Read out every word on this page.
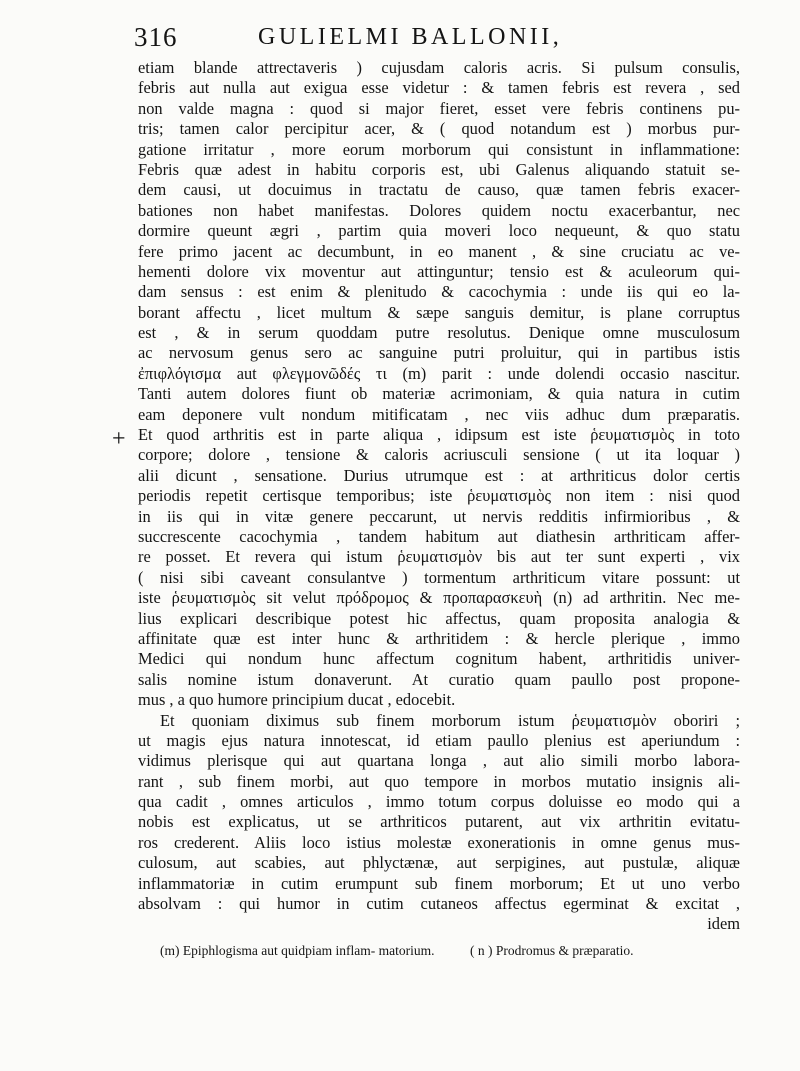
316	GULIELMI BALLONII,
+
etiam blande attrectaveris ) cujusdam caloris acris. Si pulsum consulis,
febris aut nulla aut exigua esse videtur : & tamen febris est revera , sed
non valde magna : quod si major fieret, esset vere febris continens pu-
tris; tamen calor percipitur acer, & ( quod notandum est ) morbus pur-
gatione irritatur , more eorum morborum qui consistunt in inflammatione:
Febris quæ adest in habitu corporis est, ubi Galenus aliquando statuit se-
dem causi, ut docuimus in tractatu de causo, quæ tamen febris exacer-
bationes non habet manifestas. Dolores quidem noctu exacerbantur, nec
dormire queunt ægri , partim quia moveri loco nequeunt, & quo statu
fere primo jacent ac decumbunt, in eo manent , & sine cruciatu ac ve-
hementi dolore vix moventur aut attinguntur; tensio est & aculeorum qui-
dam sensus : est enim & plenitudo & cacochymia : unde iis qui eo la-
borant affectu , licet multum & sæpe sanguis demitur, is plane corruptus
est , & in serum quoddam putre resolutus. Denique omne musculosum
ac nervosum genus sero ac sanguine putri proluitur, qui in partibus istis
ἐπιφλόγισμα aut φλεγμονῶδές τι (m) parit : unde dolendi occasio nascitur.
Tanti autem dolores fiunt ob materiæ acrimoniam, & quia natura in cutim
eam deponere vult nondum mitificatam , nec viis adhuc dum præparatis.
Et quod arthritis est in parte aliqua , idipsum est iste ῥευματισμὸς in toto
corpore; dolore , tensione & caloris acriusculi sensione ( ut ita loquar )
alii dicunt , sensatione. Durius utrumque est : at arthriticus dolor certis
periodis repetit certisque temporibus; iste ῥευματισμὸς non item : nisi quod
in iis qui in vitæ genere peccarunt, ut nervis redditis infirmioribus , &
succrescente cacochymia , tandem habitum aut diathesin arthriticam affer-
re posset. Et revera qui istum ῥευματισμὸν bis aut ter sunt experti , vix
( nisi sibi caveant consulantve ) tormentum arthriticum vitare possunt: ut
iste ῥευματισμὸς sit velut πρόδρομος & προπαρασκευὴ (n) ad arthritin. Nec me-
lius explicari describique potest hic affectus, quam proposita analogia &
affinitate quæ est inter hunc & arthritidem : & hercle plerique , immo
Medici qui nondum hunc affectum cognitum habent, arthritidis univer-
salis nomine istum donaverunt. At curatio quam paullo post propone-
mus , a quo humore principium ducat , edocebit.
Et quoniam diximus sub finem morborum istum ῥευματισμὸν oboriri ;
ut magis ejus natura innotescat, id etiam paullo plenius est aperiundum :
vidimus plerisque qui aut quartana longa , aut alio simili morbo labora-
rant , sub finem morbi, aut quo tempore in morbos mutatio insignis ali-
qua cadit , omnes articulos , immo totum corpus doluisse eo modo qui a
nobis est explicatus, ut se arthriticos putarent, aut vix arthritin evitatu-
ros crederent. Aliis loco istius molestæ exonerationis in omne genus mus-
culosum, aut scabies, aut phlyctænæ, aut serpigines, aut pustulæ, aliquæ
inflammatoriæ in cutim erumpunt sub finem morborum; Et ut uno verbo
absolvam : qui humor in cutim cutaneos affectus egerminat & excitat ,
idem
(m) Epiphlogisma aut quidpiam inflam- matorium.	( n ) Prodromus & præparatio.
